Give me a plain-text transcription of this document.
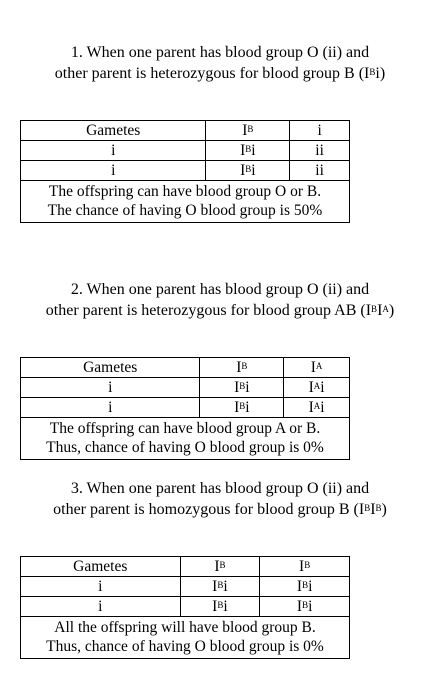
1. When one parent has blood group O (ii) and
other parent is heterozygous for blood group B $(I^Bi)$
Gametes	$I^B$	i
i	$I^Bi$	ii
i	$I^Bi$	ii

The offspring can have blood group O or B.
The chance of having O blood group is 50%		
2. When one parent has blood group O (ii) and
other parent is heterozygous for blood group AB $(I^BI^A)$
Gametes	$I^B$	$I^A$
i	$I^Bi$	$I^Ai$
i	$I^Bi$	$I^Ai$

The offspring can have blood group A or B.
Thus, chance of having O blood group is 0%		
3. When one parent has blood group O (ii) and
other parent is homozygous for blood group B $(I^BI^B)$
Gametes	$I^B$	$I^B$
i	$I^Bi$	$I^Bi$
i	$I^Bi$	$I^Bi$

All the offspring will have blood group B.
Thus, chance of having O blood group is 0%		
